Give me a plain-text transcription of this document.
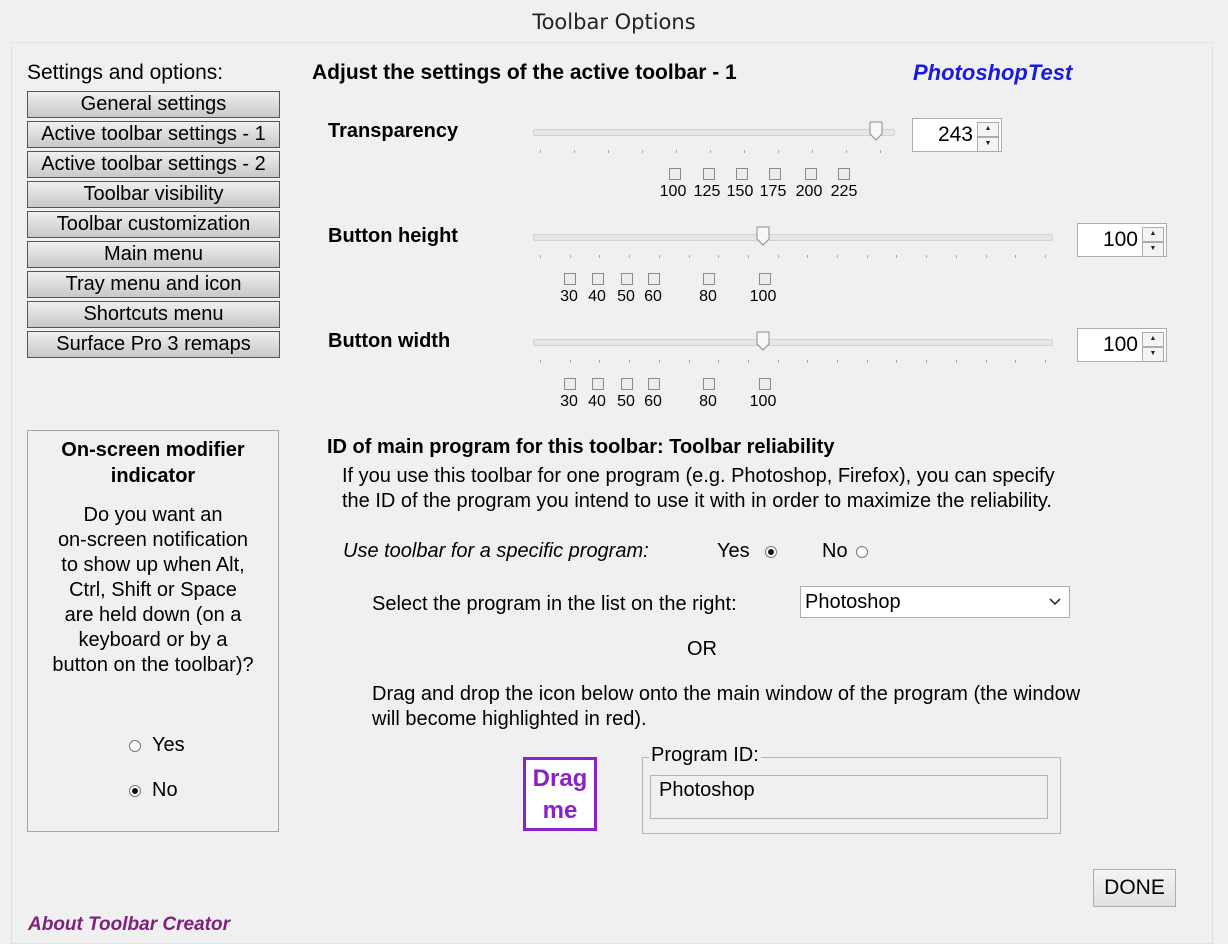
Toolbar Options
Settings and options:
General settings
Active toolbar settings - 1
Active toolbar settings - 2
Toolbar visibility
Toolbar customization
Main menu
Tray menu and icon
Shortcuts menu
Surface Pro 3 remaps
On-screen modifier
indicator
Do you want an
on-screen notification
to show up when Alt,
Ctrl, Shift or Space
are held down (on a
keyboard or by a
button on the toolbar)?
Yes
No
About Toolbar Creator
Adjust the settings of the active toolbar - 1	PhotoshopTest
Transparency	243	▲
▼
100 125 150 175 200 225
Button height	100	▲
▼
30 40 50 60	80	100
Button width	100	▲
▼
30 40 50 60	80	100
ID of main program for this toolbar: Toolbar reliability
If you use this toolbar for one program (e.g. Photoshop, Firefox), you can specify
the ID of the program you intend to use it with in order to maximize the reliability.
Use toolbar for a specific program:	Yes	No
Select the program in the list on the right:	Photoshop
OR
Drag and drop the icon below onto the main window of the program (the window
will become highlighted in red).
Drag
me
Program ID:
Photoshop
DONE
